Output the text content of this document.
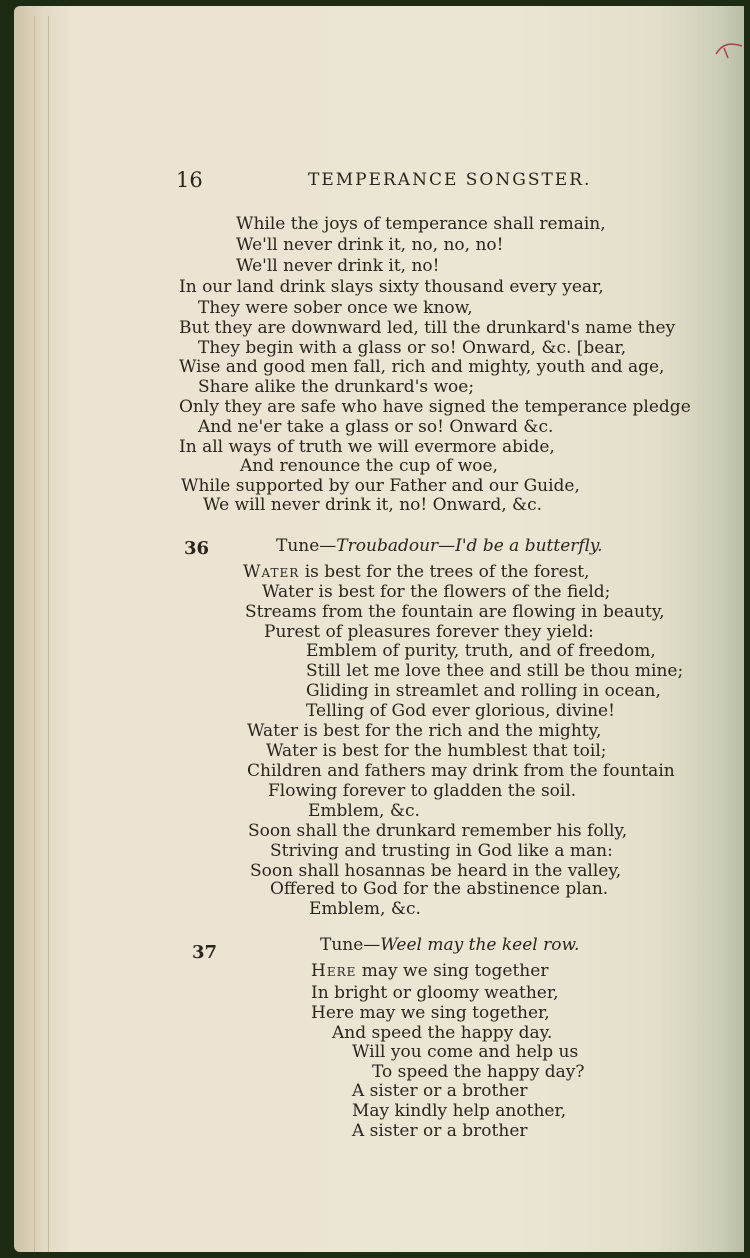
16	TEMPERANCE SONGSTER.
While the joys of temperance shall remain,
We'll never drink it, no, no, no!
We'll never drink it, no!
In our land drink slays sixty thousand every year,
They were sober once we know,
But they are downward led, till the drunkard's name they
They begin with a glass or so! Onward, &c. [bear,
Wise and good men fall, rich and mighty, youth and age,
Share alike the drunkard's woe;
Only they are safe who have signed the temperance pledge
And ne'er take a glass or so! Onward &c.
In all ways of truth we will evermore abide,
And renounce the cup of woe,
While supported by our Father and our Guide,
We will never drink it, no! Onward, &c.
36	Tune—Troubadour—I'd be a butterfly.
Water is best for the trees of the forest,
Water is best for the flowers of the field;
Streams from the fountain are flowing in beauty,
Purest of pleasures forever they yield:
Emblem of purity, truth, and of freedom,
Still let me love thee and still be thou mine;
Gliding in streamlet and rolling in ocean,
Telling of God ever glorious, divine!
Water is best for the rich and the mighty,
Water is best for the humblest that toil;
Children and fathers may drink from the fountain
Flowing forever to gladden the soil.
Emblem, &c.
Soon shall the drunkard remember his folly,
Striving and trusting in God like a man:
Soon shall hosannas be heard in the valley,
Offered to God for the abstinence plan.
Emblem, &c.
37	Tune—Weel may the keel row.
Here may we sing together
In bright or gloomy weather,
Here may we sing together,
And speed the happy day.
Will you come and help us
To speed the happy day?
A sister or a brother
May kindly help another,
A sister or a brother
